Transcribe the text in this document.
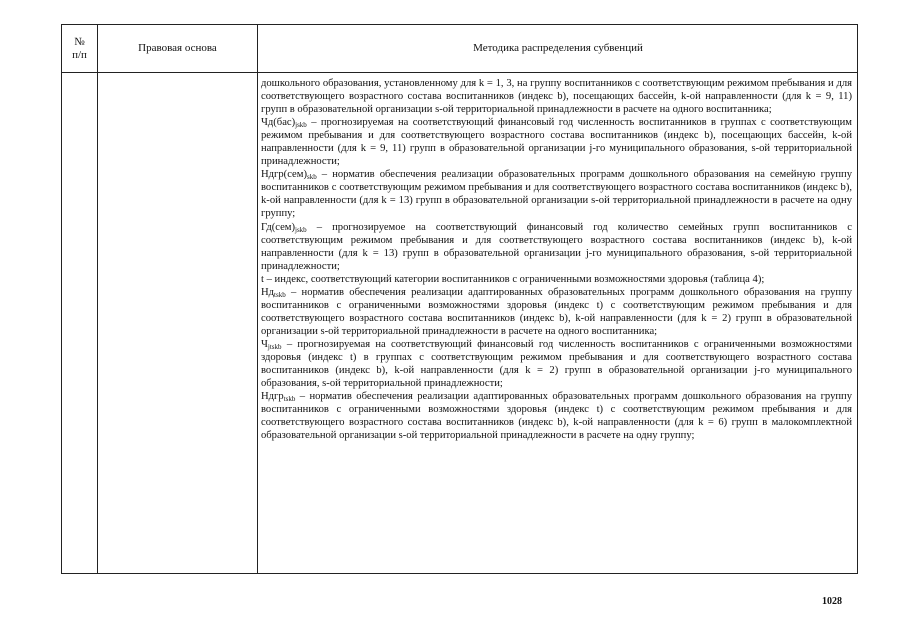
№ п/п
Правовая основа	Методика распределения субвенций

дошкольного образования, установленному для k = 1, 3, на группу воспитанников с соответствующим режимом пребывания и для соответствующего возрастного состава воспитанников (индекс b), посещающих бассейн, k-ой направленности (для k = 9, 11) групп в образовательной организации s-ой территориальной принадлежности в расчете на одного воспитанника;

$Чд(бас)_{jskb}$ – прогнозируемая на соответствующий финансовый год численность воспитанников в группах с соответствующим режимом пребывания и для соответствующего возрастного состава воспитанников (индекс b), посещающих бассейн, k-ой направленности (для k = 9, 11) групп в образовательной организации j-го муниципального образования, s-ой территориальной принадлежности;

$Ндгр(сем)_{skb}$ – норматив обеспечения реализации образовательных программ дошкольного образования на семейную группу воспитанников с соответствующим режимом пребывания и для соответствующего возрастного состава воспитанников (индекс b), k-ой направленности (для k = 13) групп в образовательной организации s-ой территориальной принадлежности в расчете на одну группу;

$Гд(сем)_{jskb}$ – прогнозируемое на соответствующий финансовый год количество семейных групп воспитанников с соответствующим режимом пребывания и для соответствующего возрастного состава воспитанников (индекс b), k-ой направленности (для k = 13) групп в образовательной организации j-го муниципального образования, s-ой территориальной принадлежности;

t – индекс, соответствующий категории воспитанников с ограниченными возможностями здоровья (таблица 4);

$Нд_{tskb}$ – норматив обеспечения реализации адаптированных образовательных программ дошкольного образования на группу воспитанников с ограниченными возможностями здоровья (индекс t) с соответствующим режимом пребывания и для соответствующего возрастного состава воспитанников (индекс b), k-ой направленности (для k = 2) групп в образовательной организации s-ой территориальной принадлежности в расчете на одного воспитанника;

$Ч_{jtskb}$ – прогнозируемая на соответствующий финансовый год численность воспитанников с ограниченными возможностями здоровья (индекс t) в группах с соответствующим режимом пребывания и для соответствующего возрастного состава воспитанников (индекс b), k-ой направленности (для k = 2) групп в образовательной организации j-го муниципального образования, s-ой территориальной принадлежности;

Ндгр$_{tskb}$ – норматив обеспечения реализации адаптированных образовательных программ дошкольного образования на группу воспитанников с ограниченными возможностями здоровья (индекс t) с соответствующим режимом пребывания и для соответствующего возрастного состава воспитанников (индекс b), k-ой направленности (для k = 6) групп в малокомплектной образовательной организации s-ой территориальной принадлежности в расчете на одну группу;

1028
